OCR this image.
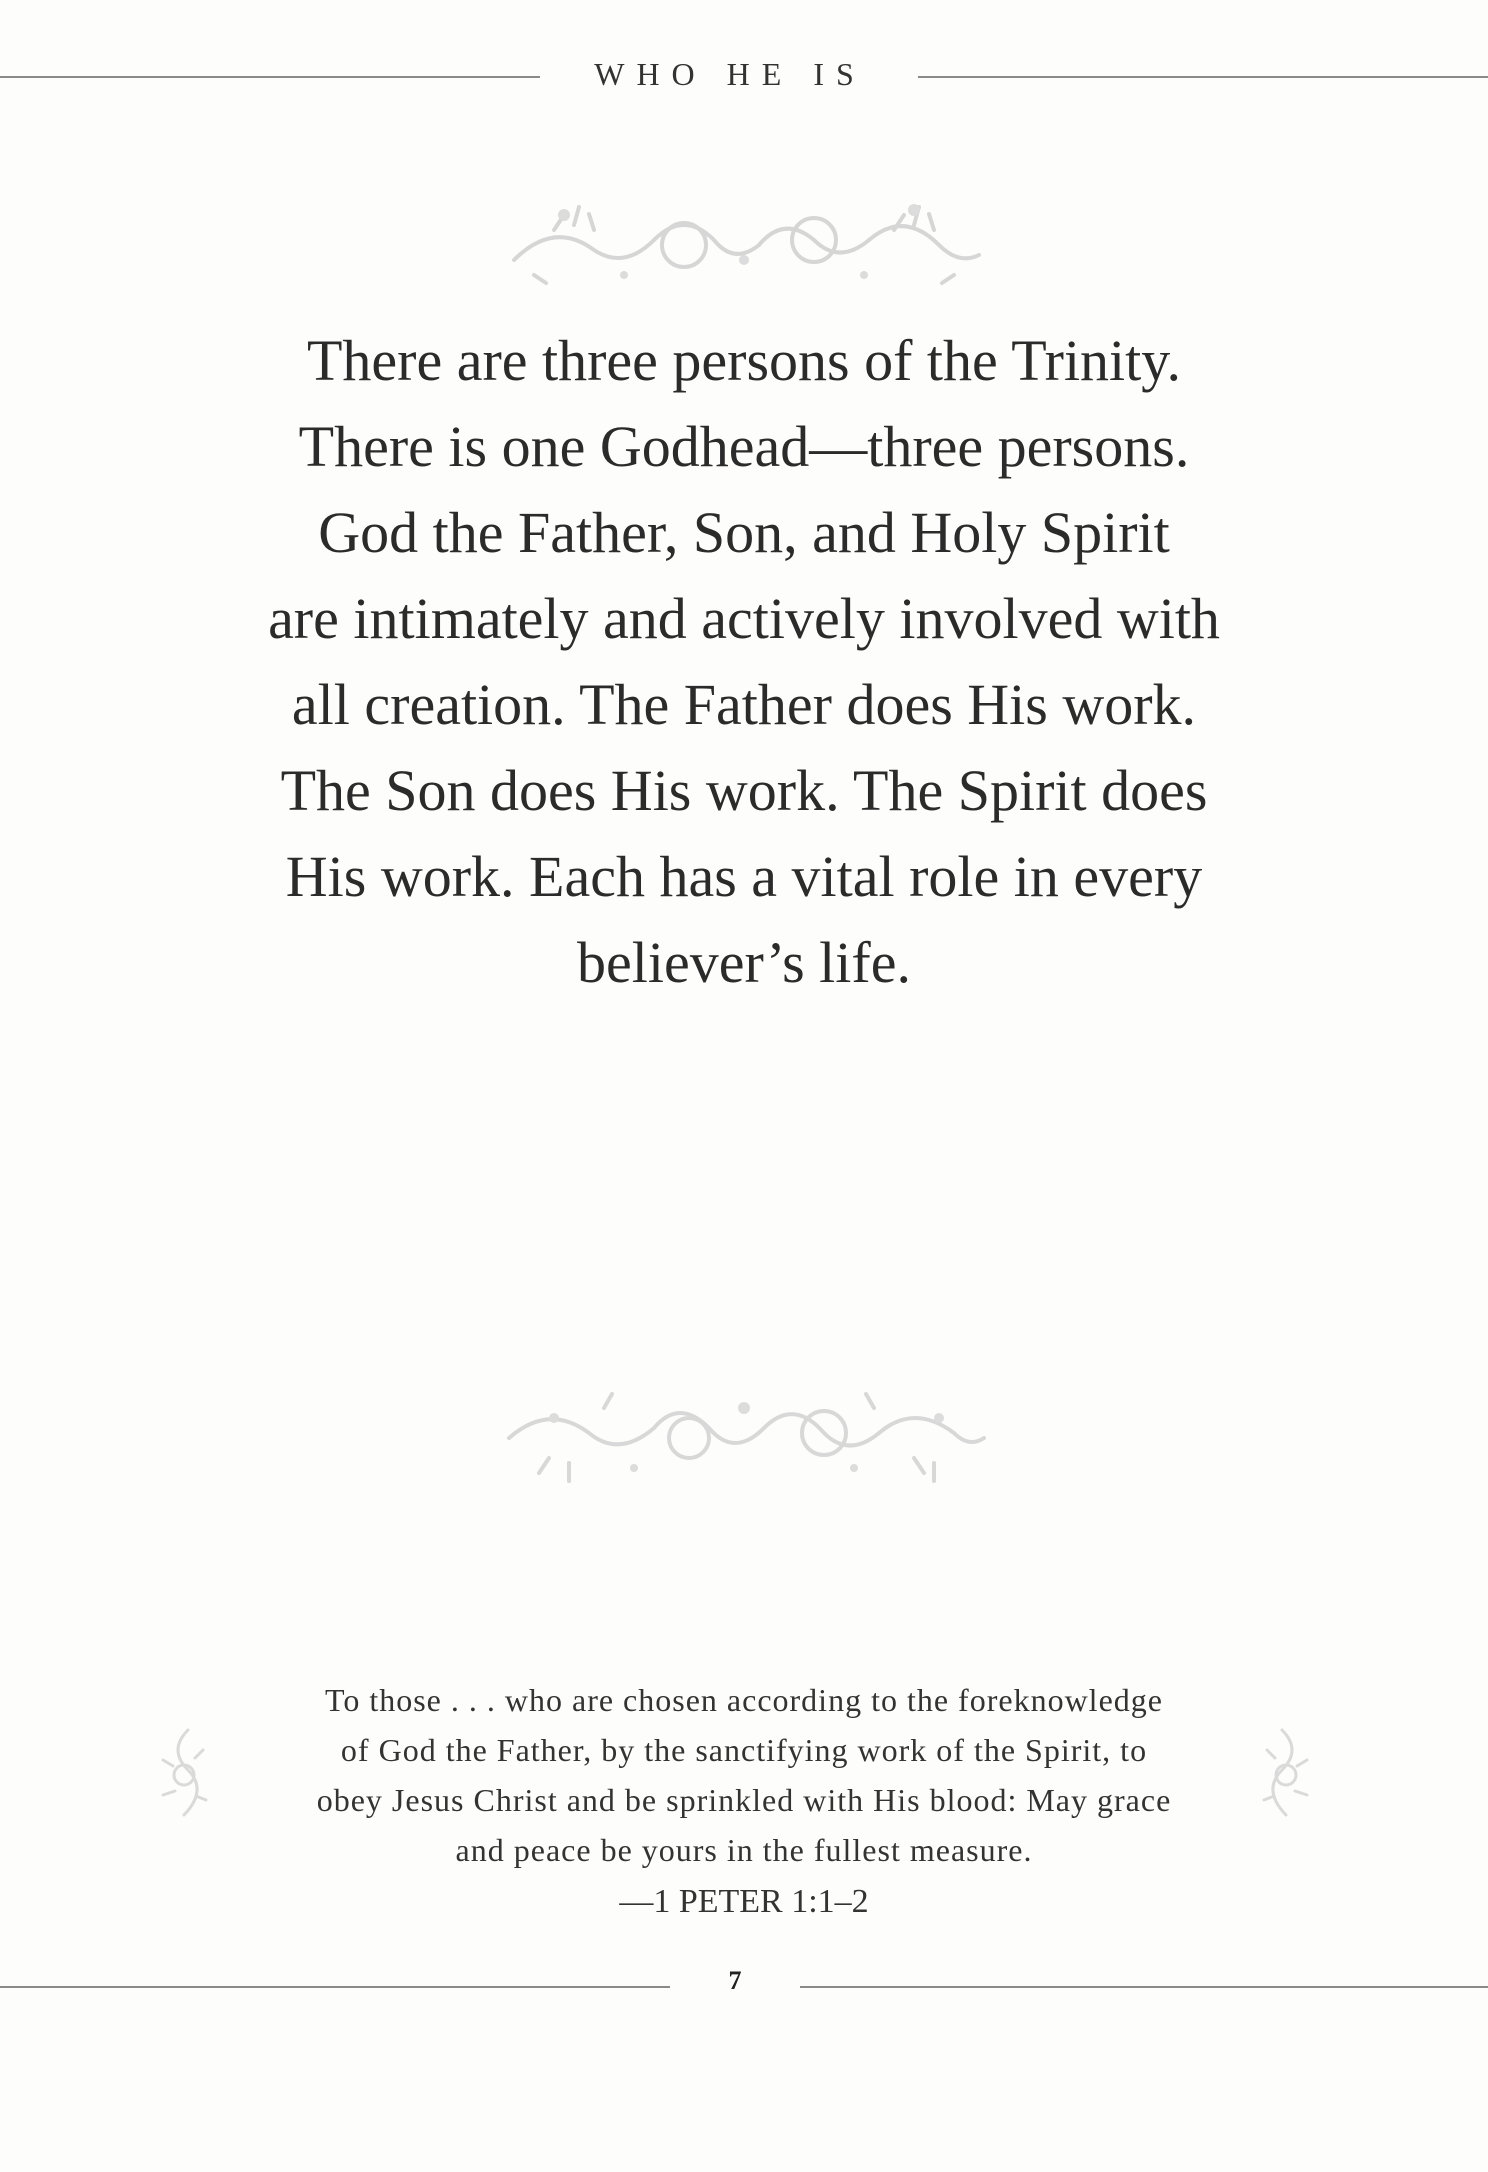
WHO HE IS

There are three persons of the Trinity.

There is one Godhead—three persons.

God the Father, Son, and Holy Spirit

are intimately and actively involved with

all creation. The Father does His work.

The Son does His work. The Spirit does

His work. Each has a vital role in every

believer’s life.

To those . . . who are chosen according to the foreknowledge

of God the Father, by the sanctifying work of the Spirit, to

obey Jesus Christ and be sprinkled with His blood: May grace

and peace be yours in the fullest measure.

—1 PETER 1:1–2

7
